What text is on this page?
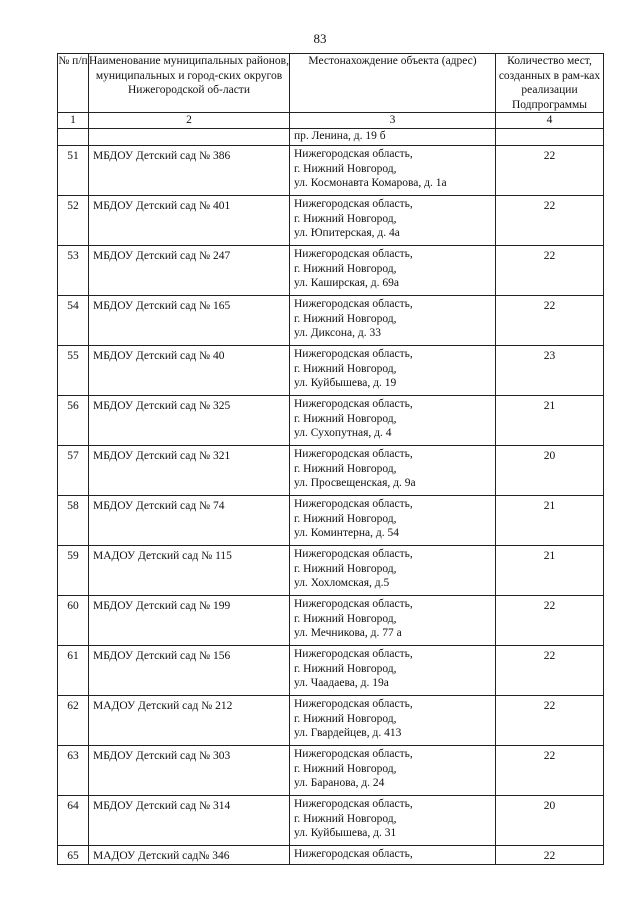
83
№ п/п	Наименование муниципальных районов, муниципальных и город-ских округов Нижегородской об-ласти	Местонахождение объекта (адрес)	Количество мест, созданных в рам-ках реализации Подпрограммы
1	2	3	4
		пр. Ленина, д. 19 б	
51	МБДОУ Детский сад № 386	Нижегородская область,
г. Нижний Новгород,
ул. Космонавта Комарова, д. 1а	22
52	МБДОУ Детский сад № 401	Нижегородская область,
г. Нижний Новгород,
ул. Юпитерская, д. 4а	22
53	МБДОУ Детский сад № 247	Нижегородская область,
г. Нижний Новгород,
ул. Каширская, д. 69а	22
54	МБДОУ Детский сад № 165	Нижегородская область,
г. Нижний Новгород,
ул. Диксона, д. 33	22
55	МБДОУ Детский сад № 40	Нижегородская область,
г. Нижний Новгород,
ул. Куйбышева, д. 19	23
56	МБДОУ Детский сад № 325	Нижегородская область,
г. Нижний Новгород,
ул. Сухопутная, д. 4	21
57	МБДОУ Детский сад № 321	Нижегородская область,
г. Нижний Новгород,
ул. Просвещенская, д. 9а	20
58	МБДОУ Детский сад № 74	Нижегородская область,
г. Нижний Новгород,
ул. Коминтерна, д. 54	21
59	МАДОУ Детский сад № 115	Нижегородская область,
г. Нижний Новгород,
ул. Хохломская, д.5	21
60	МБДОУ Детский сад № 199	Нижегородская область,
г. Нижний Новгород,
ул. Мечникова, д. 77 а	22
61	МБДОУ Детский сад № 156	Нижегородская область,
г. Нижний Новгород,
ул. Чаадаева, д. 19а	22
62	МАДОУ Детский сад № 212	Нижегородская область,
г. Нижний Новгород,
ул. Гвардейцев, д. 413	22
63	МБДОУ Детский сад № 303	Нижегородская область,
г. Нижний Новгород,
ул. Баранова, д. 24	22
64	МБДОУ Детский сад № 314	Нижегородская область,
г. Нижний Новгород,
ул. Куйбышева, д. 31	20
65	МАДОУ Детский сад№ 346	Нижегородская область,	22
